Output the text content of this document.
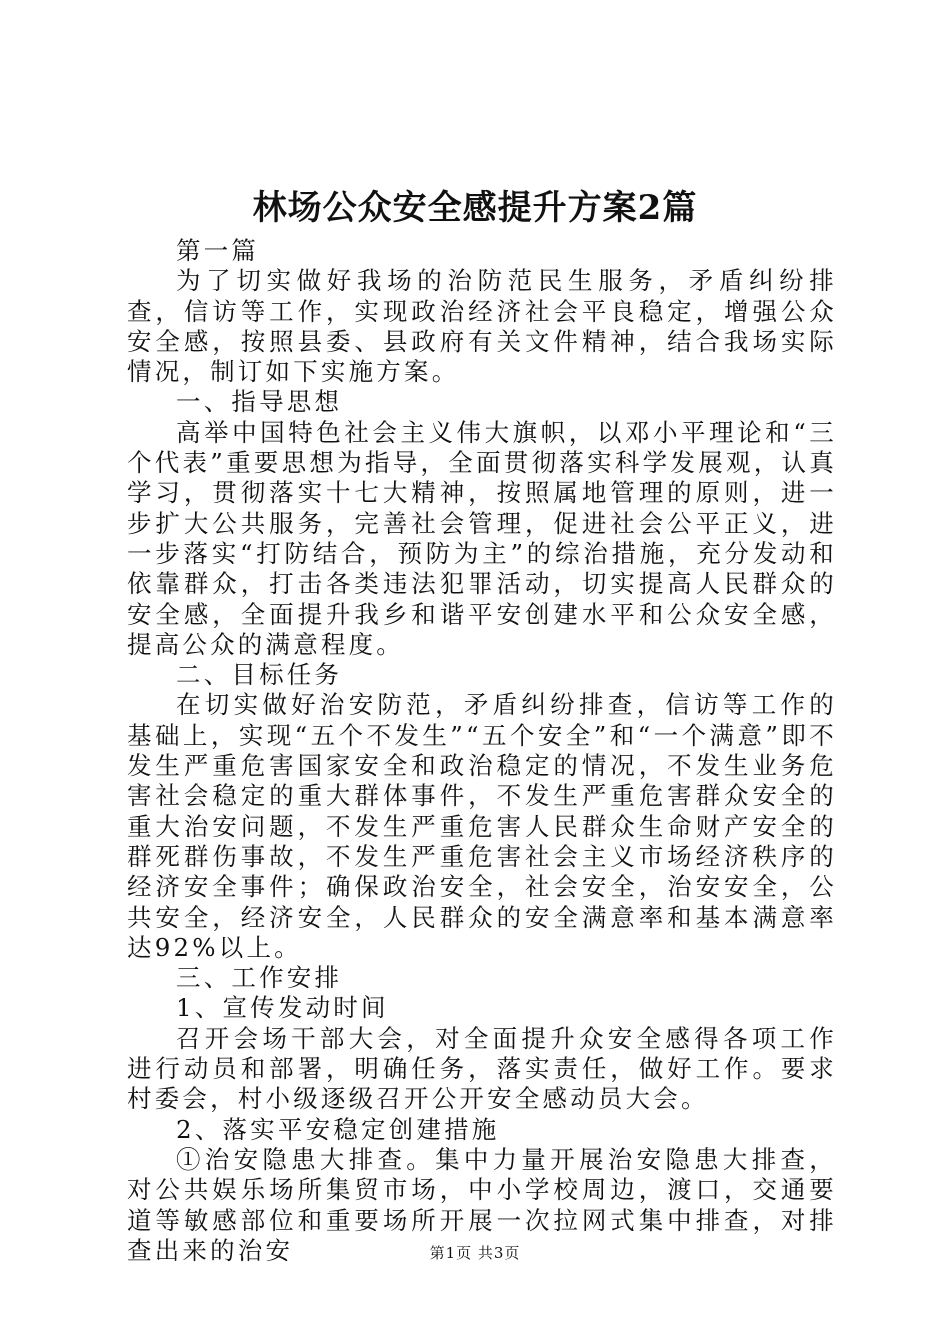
林场公众安全感提升方案2篇

第一篇

为了切实做好我场的治防范民生服务，矛盾纠纷排查，信访等工作，实现政治经济社会平良稳定，增强公众安全感，按照县委、县政府有关文件精神，结合我场实际情况，制订如下实施方案。

一、指导思想

高举中国特色社会主义伟大旗帜，以邓小平理论和“三个代表”重要思想为指导，全面贯彻落实科学发展观，认真学习，贯彻落实十七大精神，按照属地管理的原则，进一步扩大公共服务，完善社会管理，促进社会公平正义，进一步落实“打防结合，预防为主”的综治措施，充分发动和依靠群众，打击各类违法犯罪活动，切实提高人民群众的安全感，全面提升我乡和谐平安创建水平和公众安全感，提高公众的满意程度。

二、目标任务

在切实做好治安防范，矛盾纠纷排查，信访等工作的基础上，实现“五个不发生”“五个安全”和“一个满意”即不发生严重危害国家安全和政治稳定的情况，不发生业务危害社会稳定的重大群体事件，不发生严重危害群众安全的重大治安问题，不发生严重危害人民群众生命财产安全的群死群伤事故，不发生严重危害社会主义市场经济秩序的经济安全事件；确保政治安全，社会安全，治安安全，公共安全，经济安全，人民群众的安全满意率和基本满意率达92%以上。

三、工作安排

1、宣传发动时间

召开会场干部大会，对全面提升众安全感得各项工作进行动员和部署，明确任务，落实责任，做好工作。要求村委会，村小级逐级召开公开安全感动员大会。

2、落实平安稳定创建措施

①治安隐患大排查。集中力量开展治安隐患大排查，对公共娱乐场所集贸市场，中小学校周边，渡口，交通要道等敏感部位和重要场所开展一次拉网式集中排查，对排查出来的治安	第1页 共3页
